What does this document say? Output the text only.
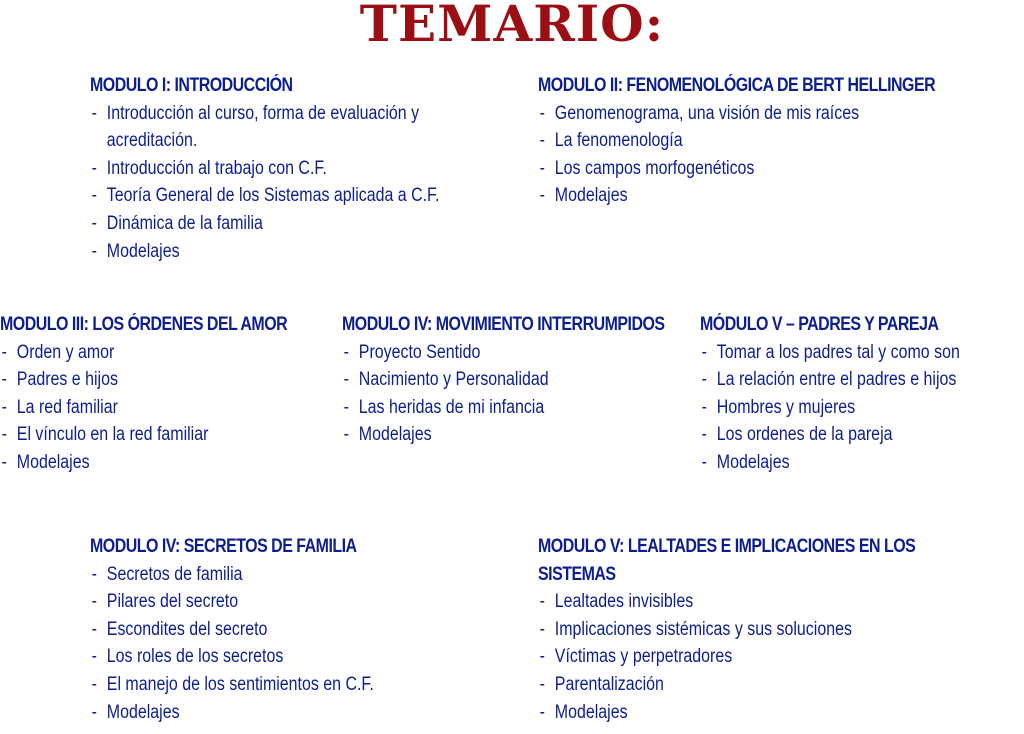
TEMARIO:
MODULO I: INTRODUCCIÓN
- Introducción al curso, forma de evaluación y acreditación.
- Introducción al trabajo con C.F.
- Teoría General de los Sistemas aplicada a C.F.
- Dinámica de la familia
- Modelajes
MODULO II: FENOMENOLÓGICA DE BERT HELLINGER
- Genomenograma, una visión de mis raíces
- La fenomenología
- Los campos morfogenéticos
- Modelajes
MODULO III: LOS ÓRDENES DEL AMOR
- Orden y amor
- Padres e hijos
- La red familiar
- El vínculo en la red familiar
- Modelajes
MODULO IV: MOVIMIENTO INTERRUMPIDOS
- Proyecto Sentido
- Nacimiento y Personalidad
- Las heridas de mi infancia
- Modelajes
MÓDULO V – PADRES Y PAREJA
- Tomar a los padres tal y como son
- La relación entre el padres e hijos
- Hombres y mujeres
- Los ordenes de la pareja
- Modelajes
MODULO IV: SECRETOS DE FAMILIA
- Secretos de familia
- Pilares del secreto
- Escondites del secreto
- Los roles de los secretos
- El manejo de los sentimientos en C.F.
- Modelajes
MODULO V: LEALTADES E IMPLICACIONES EN LOS SISTEMAS
- Lealtades invisibles
- Implicaciones sistémicas y sus soluciones
- Víctimas y perpetradores
- Parentalización
- Modelajes
